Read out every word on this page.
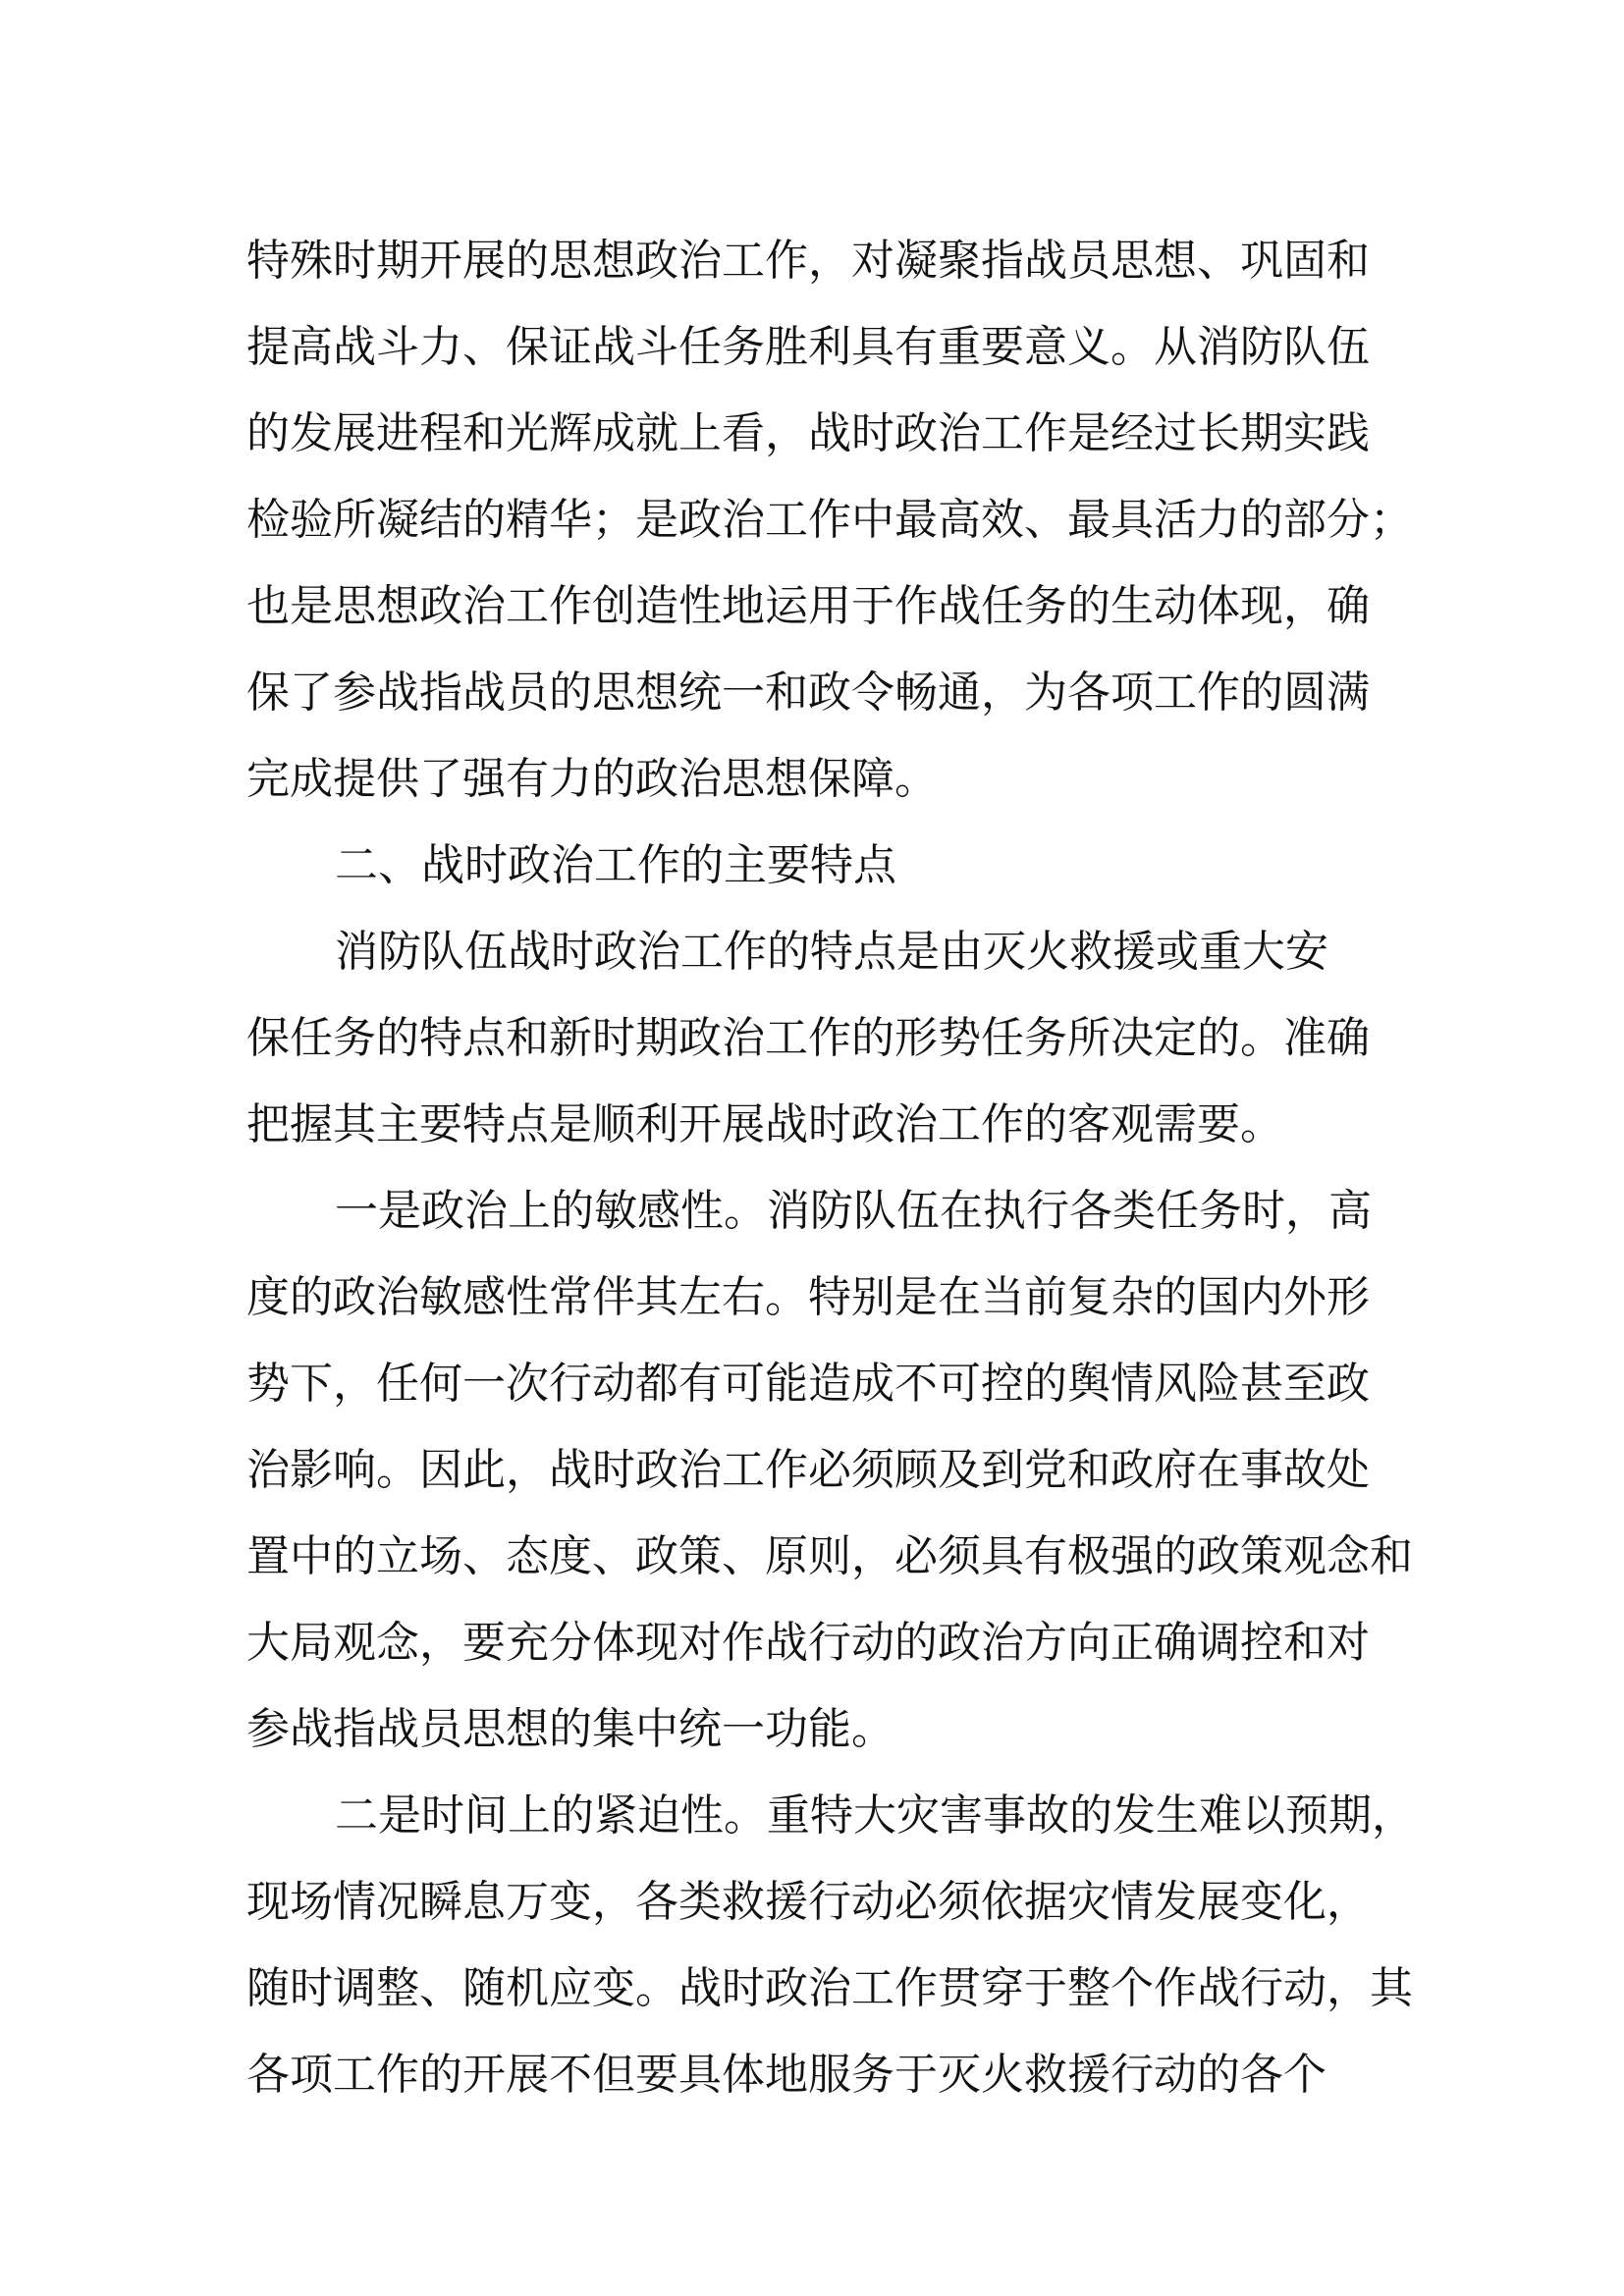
特殊时期开展的思想政治工作，对凝聚指战员思想、巩固和
提高战斗力、保证战斗任务胜利具有重要意义。从消防队伍
的发展进程和光辉成就上看，战时政治工作是经过长期实践
检验所凝结的精华；是政治工作中最高效、最具活力的部分；
也是思想政治工作创造性地运用于作战任务的生动体现，确
保了参战指战员的思想统一和政令畅通，为各项工作的圆满
完成提供了强有力的政治思想保障。
二、战时政治工作的主要特点
消防队伍战时政治工作的特点是由灭火救援或重大安
保任务的特点和新时期政治工作的形势任务所决定的。准确
把握其主要特点是顺利开展战时政治工作的客观需要。
一是政治上的敏感性。消防队伍在执行各类任务时，高
度的政治敏感性常伴其左右。特别是在当前复杂的国内外形
势下，任何一次行动都有可能造成不可控的舆情风险甚至政
治影响。因此，战时政治工作必须顾及到党和政府在事故处
置中的立场、态度、政策、原则，必须具有极强的政策观念和
大局观念，要充分体现对作战行动的政治方向正确调控和对
参战指战员思想的集中统一功能。
二是时间上的紧迫性。重特大灾害事故的发生难以预期，
现场情况瞬息万变，各类救援行动必须依据灾情发展变化，
随时调整、随机应变。战时政治工作贯穿于整个作战行动，其
各项工作的开展不但要具体地服务于灭火救援行动的各个
